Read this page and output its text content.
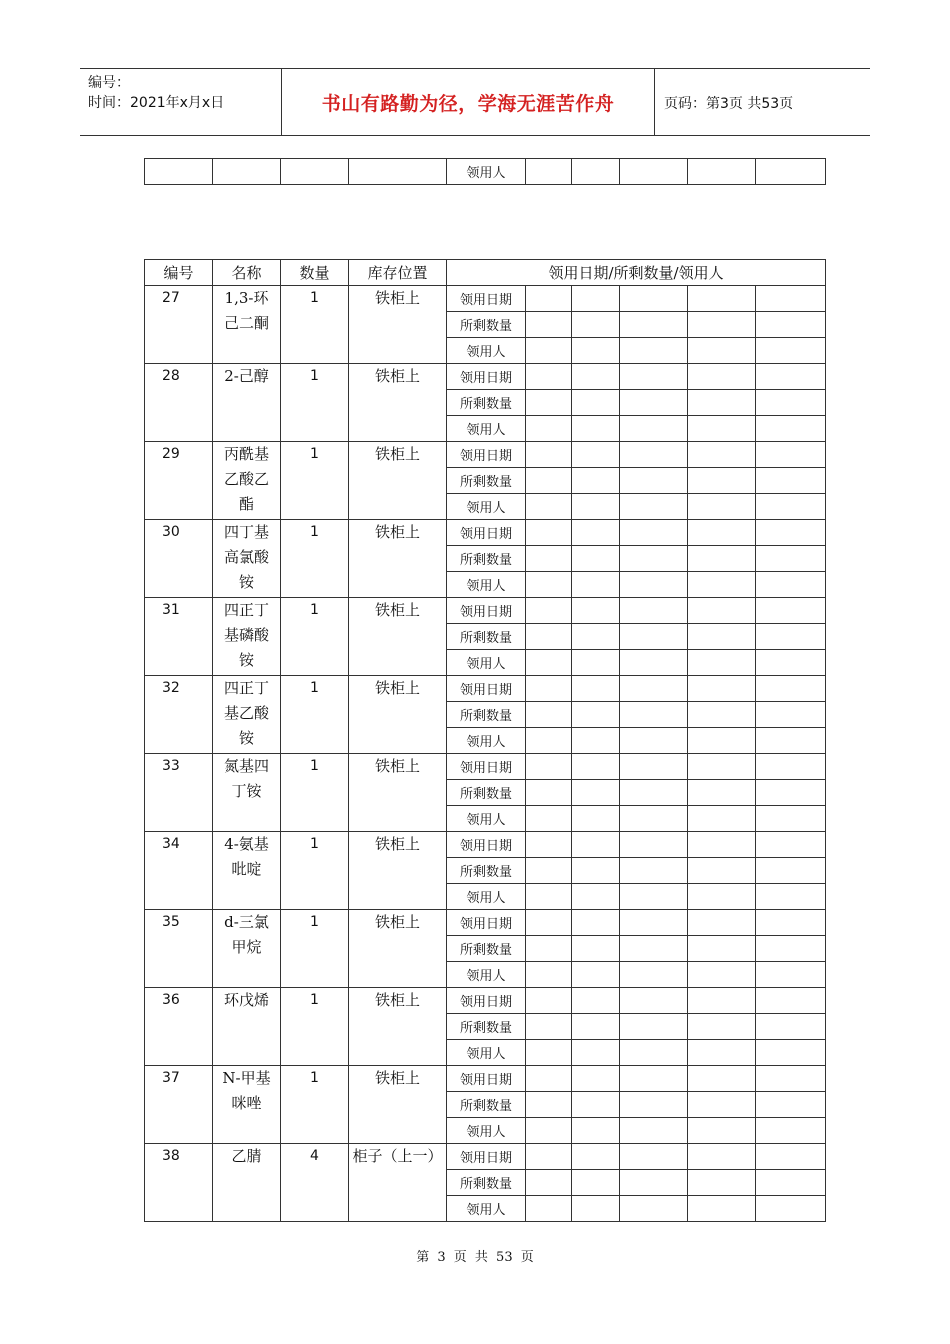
编号：
时间：2021年x月x日	书山有路勤为径，学海无涯苦作舟	页码：第3页 共53页
				领用人					
编号	名称	数量	库存位置	领用日期/所剩数量/领用人					
27	1,3-环己二酮	1	铁柜上	领用日期					
				所剩数量					
				领用人					
28	2-己醇	1	铁柜上	领用日期					
				所剩数量					
				领用人					
29	丙酰基乙酸乙酯	1	铁柜上	领用日期					
				所剩数量					
				领用人					
30	四丁基高氯酸铵	1	铁柜上	领用日期					
				所剩数量					
				领用人					
31	四正丁基磷酸铵	1	铁柜上	领用日期					
				所剩数量					
				领用人					
32	四正丁基乙酸铵	1	铁柜上	领用日期					
				所剩数量					
				领用人					
33	氮基四丁铵	1	铁柜上	领用日期					
				所剩数量					
				领用人					
34	4-氨基吡啶	1	铁柜上	领用日期					
				所剩数量					
				领用人					
35	d-三氯甲烷	1	铁柜上	领用日期					
				所剩数量					
				领用人					
36	环戊烯	1	铁柜上	领用日期					
				所剩数量					
				领用人					
37	N-甲基咪唑	1	铁柜上	领用日期					
				所剩数量					
				领用人					
38	乙腈	4	柜子（上一）	领用日期					
				所剩数量					
				领用人					
第 3 页 共 53 页
